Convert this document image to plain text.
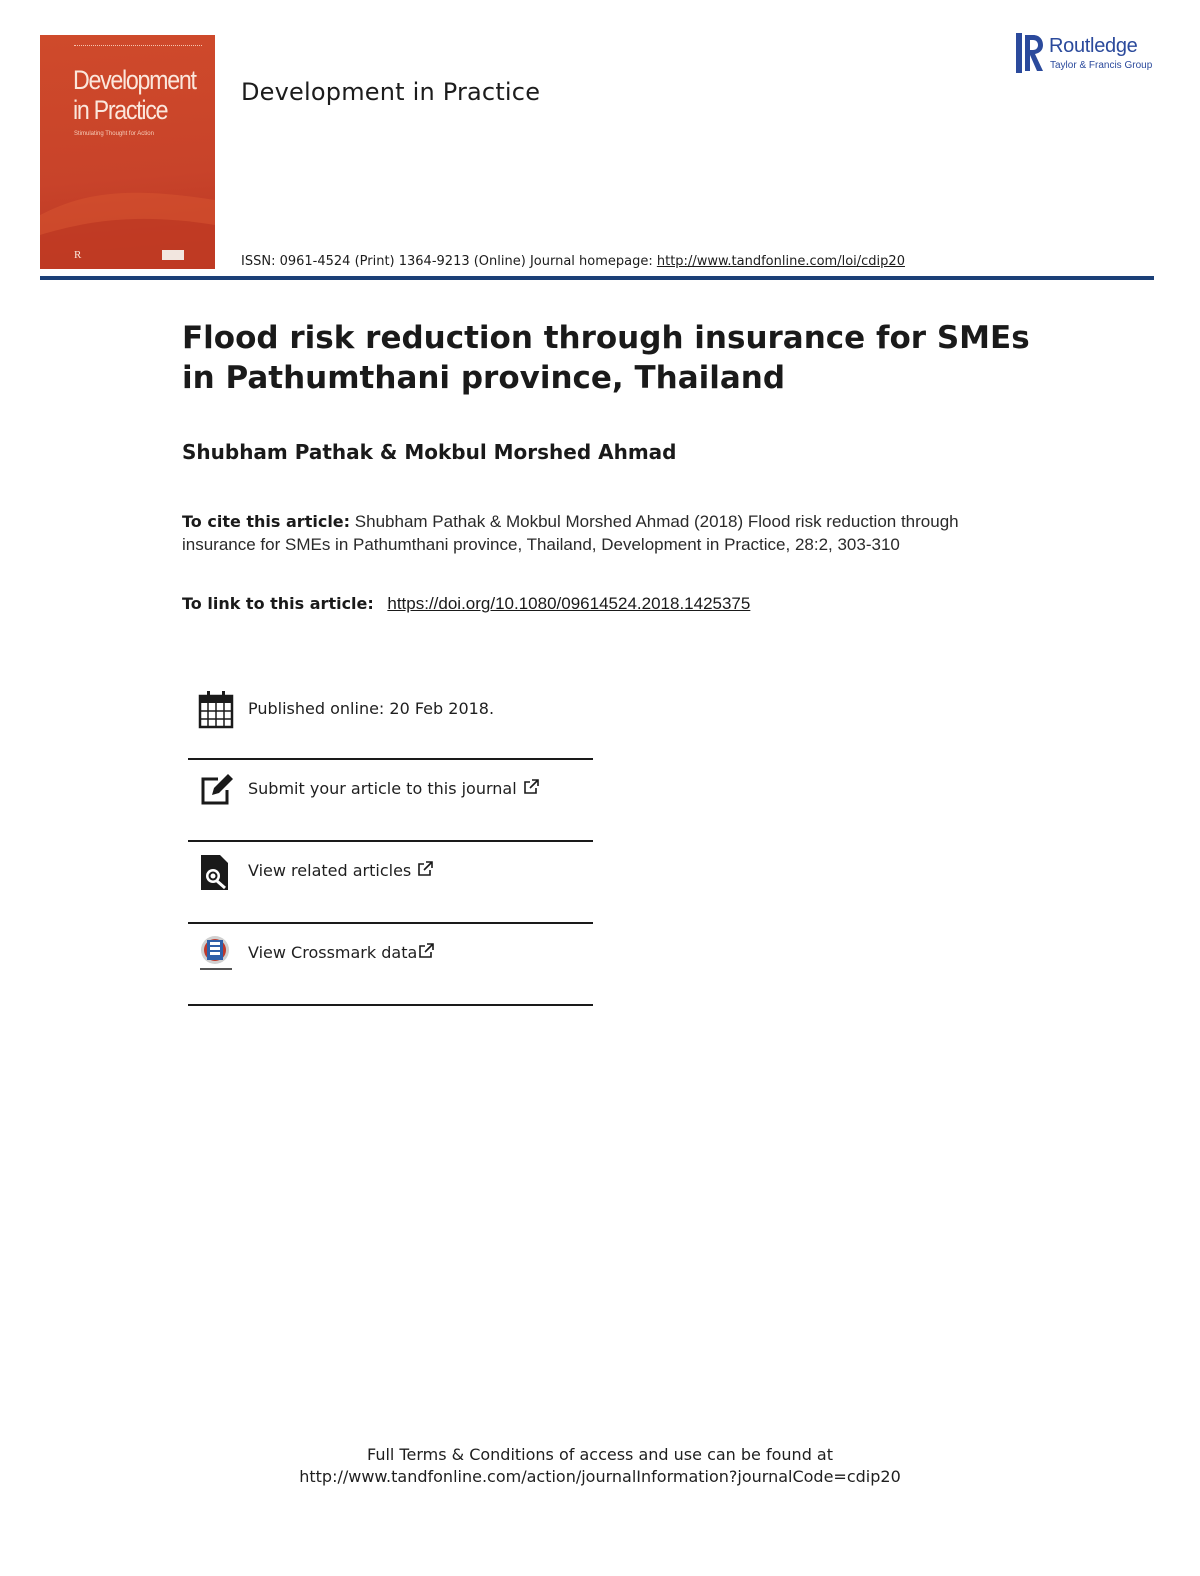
Development
in Practice
Stimulating Thought for Action
R
Development in Practice
ISSN: 0961-4524 (Print) 1364-9213 (Online) Journal homepage: http://www.tandfonline.com/loi/cdip20
Routledge
Taylor & Francis Group
Flood risk reduction through insurance for SMEs in Pathumthani province, Thailand
Shubham Pathak & Mokbul Morshed Ahmad
To cite this article: Shubham Pathak & Mokbul Morshed Ahmad (2018) Flood risk reduction through insurance for SMEs in Pathumthani province, Thailand, Development in Practice, 28:2, 303-310
To link to this article: https://doi.org/10.1080/09614524.2018.1425375
Published online: 20 Feb 2018.
Submit your article to this journal
View related articles
View Crossmark data
Full Terms & Conditions of access and use can be found at
http://www.tandfonline.com/action/journalInformation?journalCode=cdip20
